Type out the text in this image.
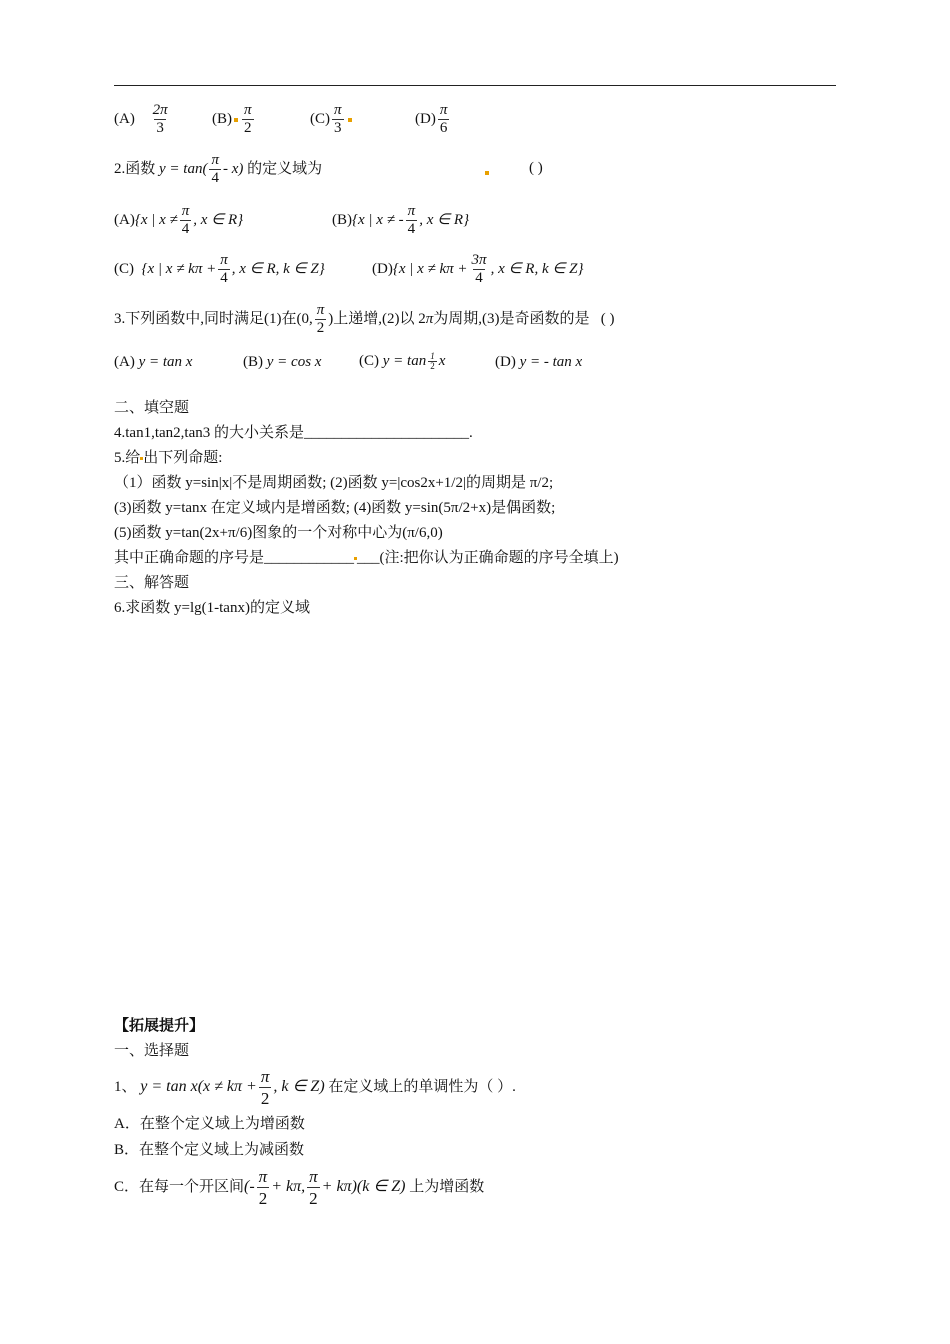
$(A) \frac{2\pi}{3}$	$(B) \frac{\pi}{2}$	$(C) \frac{\pi}{3}$	$(D) \frac{\pi}{6}$
2.函数 $y = \tan( \frac{\pi}{4} - x)$ 的定义域为	( )
(A){x | $x \ne \frac{\pi}{4}$ , x ∈ R}	(B){x | x ≠ - $\frac{\pi}{4}$ , x ∈ R}
(C) {x | $x \ne k\pi + \frac{\pi}{4}$ , x ∈ R, k ∈ Z}	(D){x | $x \ne k\pi + \frac{3\pi}{4}$ , x ∈ R, k ∈ Z}
3.下列函数中,同时满足(1)在(0, $\frac{\pi}{2}$ )上递增,(2)以 2π为周期,(3)是奇函数的是 ( )
(A) y = tan x	(B) y = cos x	(C) $y = \tan \frac{1}{2}$ x	(D) y = - tan x
二、填空题
4.tan1,tan2,tan3 的大小关系是______________________.
5.给 出下列命题:
（1）函数 y=sin|x|不是周期函数; (2)函数 y=|cos2x+1/2|的周期是 π/2;
(3)函数 y=tanx 在定义域内是增函数; (4)函数 y=sin(5π/2+x)是偶函数;
(5)函数 y=tan(2x+π/6)图象的一个对称中心为(π/6,0)
其中正确命题的序号是____________ ___(注:把你认为正确命题的序号全填上)
三、解答题
6.求函数 y=lg(1-tanx)的定义域
【拓展提升】
一、选择题
1、 $y = \tan x(x \ne k\pi + \frac{\pi}{2}$ , k ∈ Z) 在定义域上的单调性为（ ）.
A．在整个定义域上为增函数
B．在整个定义域上为减函数
C．在每一个开区间(- $\frac{\pi}{2} + k\pi$, $\frac{\pi}{2} + k\pi)(k$ ∈ Z) 上为增函数
